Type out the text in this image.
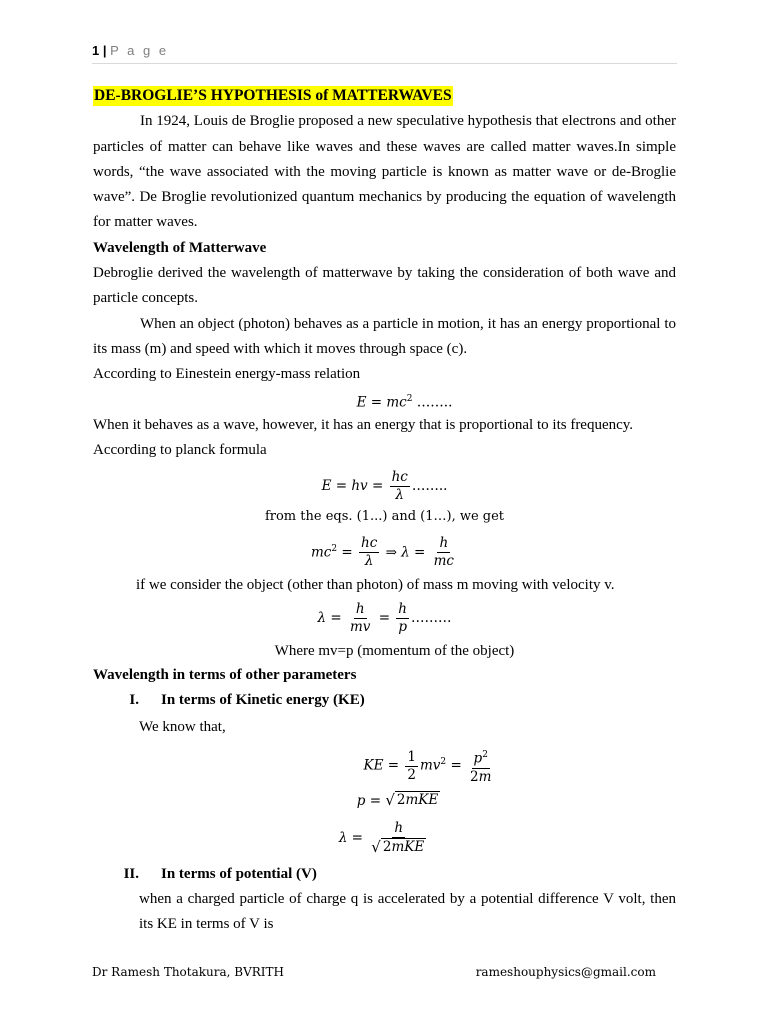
1 | P a g e
DE-BROGLIE’S HYPOTHESIS of MATTERWAVES

In 1924, Louis de Broglie proposed a new speculative hypothesis that electrons and other particles of matter can behave like waves and these waves are called matter waves.In simple words, “the wave associated with the moving particle is known as matter wave or de-Broglie wave”. De Broglie revolutionized quantum mechanics by producing the equation of wavelength for matter waves.

Wavelength of Matterwave

Debroglie derived the wavelength of matterwave by taking the consideration of both wave and particle concepts.

When an object (photon) behaves as a particle in motion, it has an energy proportional to its mass (m) and speed with which it moves through space (c).

According to Einestein energy-mass relation

$E = mc^2$ ……..

When it behaves as a wave, however, it has an energy that is proportional to its frequency.

According to planck formula

E = hv = $\frac{hc}{\lambda}$ ……..

from the eqs. (1...) and (1…), we get

$mc^2 = \frac{hc}{\lambda}$ ⇒ $\lambda = \frac{h}{mc}$

if we consider the object (other than photon) of mass m moving with velocity v.

$\lambda = \frac{h}{mv} = \frac{h}{p}$ ………

Where mv=p (momentum of the object)

Wavelength in terms of other parameters

I.	In terms of Kinetic energy (KE)

We know that,

KE = $\frac{1}{2} mv^2 = \frac{p^2}{2m}$

p = √ 2mKE

$\lambda = \frac{h}{\text{√ 2mKE}}$

II.	In terms of potential (V)

when a charged particle of charge q is accelerated by a potential difference V volt, then its KE in terms of V is

Dr Ramesh Thotakura, BVRITH	rameshouphysics@gmail.com
